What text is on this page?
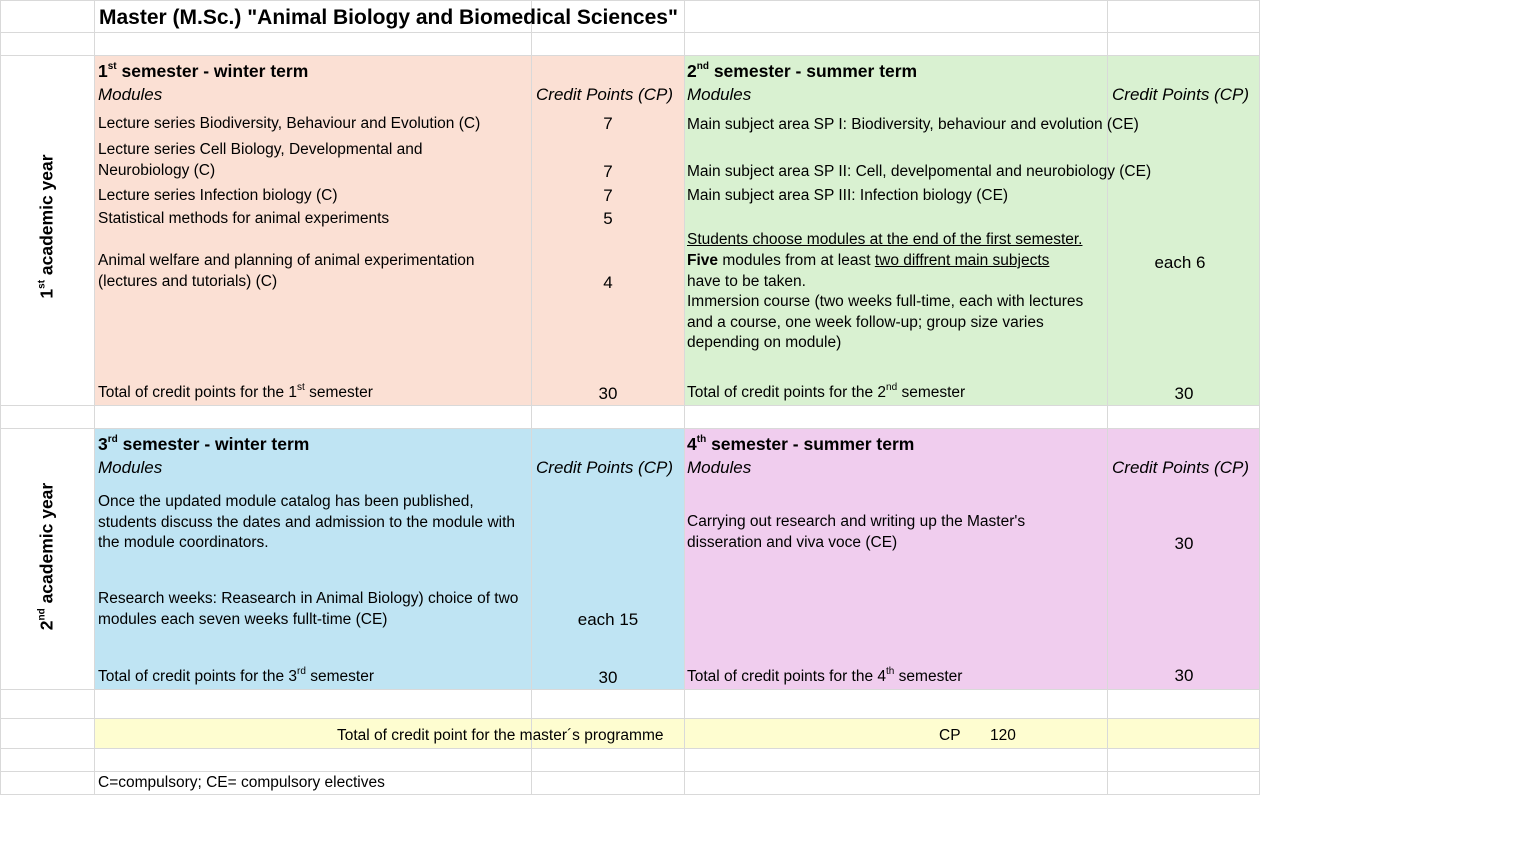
Master (M.Sc.) "Animal Biology and Biomedical Sciences"
1st academic year
2nd academic year
1st semester - winter term
Modules	Credit Points (CP)
Lecture series Biodiversity, Behaviour and Evolution (C)	7
Lecture series Cell Biology, Developmental and Neurobiology (C)	7
Lecture series Infection biology (C)	7
Statistical methods for animal experiments	5
Animal welfare and planning of animal experimentation (lectures and tutorials) (C)	4
Total of credit points for the 1st semester	30
2nd semester - summer term
Modules	Credit Points (CP)
Main subject area SP I: Biodiversity, behaviour and evolution (CE)
Main subject area SP II: Cell, develpomental and neurobiology (CE)
Main subject area SP III: Infection biology (CE)
Students choose modules at the end of the first semester.
Five modules from at least two diffrent main subjects
have to be taken.
Immersion course (two weeks full-time, each with lectures and a course, one week follow-up; group size varies depending on module)
each 6
Total of credit points for the 2nd semester	30
3rd semester - winter term
Modules	Credit Points (CP)
Once the updated module catalog has been published, students discuss the dates and admission to the module with the module coordinators.
Research weeks: Reasearch in Animal Biology) choice of two modules each seven weeks fullt-time (CE)	each 15
Total of credit points for the 3rd semester	30
4th semester - summer term
Modules	Credit Points (CP)
Carrying out research and writing up the Master's disseration and viva voce (CE)	30
Total of credit points for the 4th semester	30
Total of credit point for the master´s programme	CP 120
C=compulsory; CE= compulsory electives
